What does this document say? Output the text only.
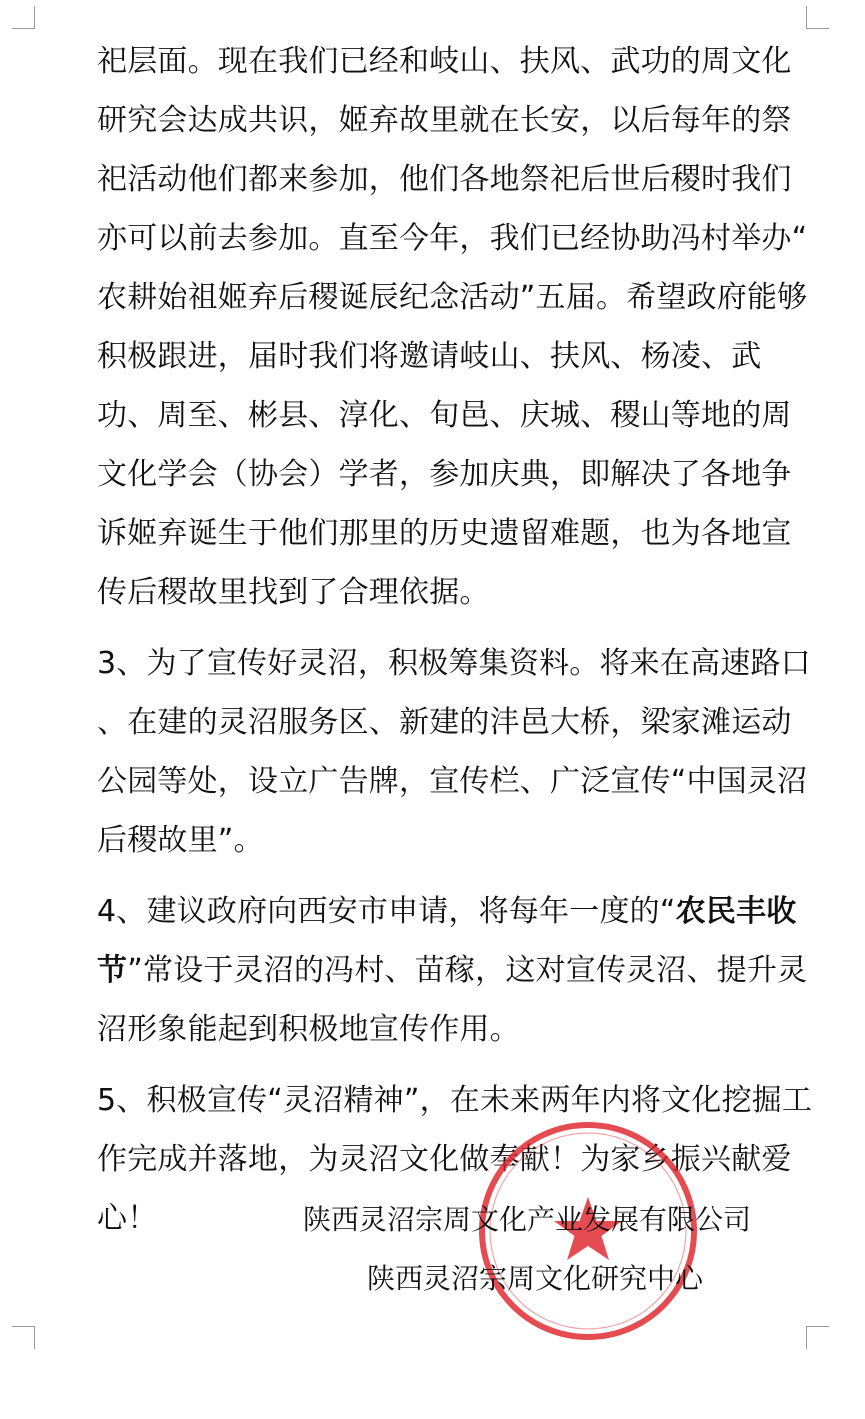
祀层面。现在我们已经和岐山、扶风、武功的周文化
研究会达成共识，姬弃故里就在长安，以后每年的祭
祀活动他们都来参加，他们各地祭祀后世后稷时我们
亦可以前去参加。直至今年，我们已经协助冯村举办“
农耕始祖姬弃后稷诞辰纪念活动”五届。希望政府能够
积极跟进，届时我们将邀请岐山、扶风、杨凌、武
功、周至、彬县、淳化、旬邑、庆城、稷山等地的周
文化学会（协会）学者，参加庆典，即解决了各地争
诉姬弃诞生于他们那里的历史遗留难题，也为各地宣
传后稷故里找到了合理依据。
3、为了宣传好灵沼，积极筹集资料。将来在高速路口
、在建的灵沼服务区、新建的沣邑大桥，梁家滩运动
公园等处，设立广告牌，宣传栏、广泛宣传“中国灵沼
后稷故里”。
4、建议政府向西安市申请，将每年一度的“农民丰收
节”常设于灵沼的冯村、苗稼，这对宣传灵沼、提升灵
沼形象能起到积极地宣传作用。
5、积极宣传“灵沼精神”，在未来两年内将文化挖掘工
作完成并落地，为灵沼文化做奉献！为家乡振兴献爱
心！	陕西灵沼宗周文化产业发展有限公司
陕西灵沼宗周文化研究中心
